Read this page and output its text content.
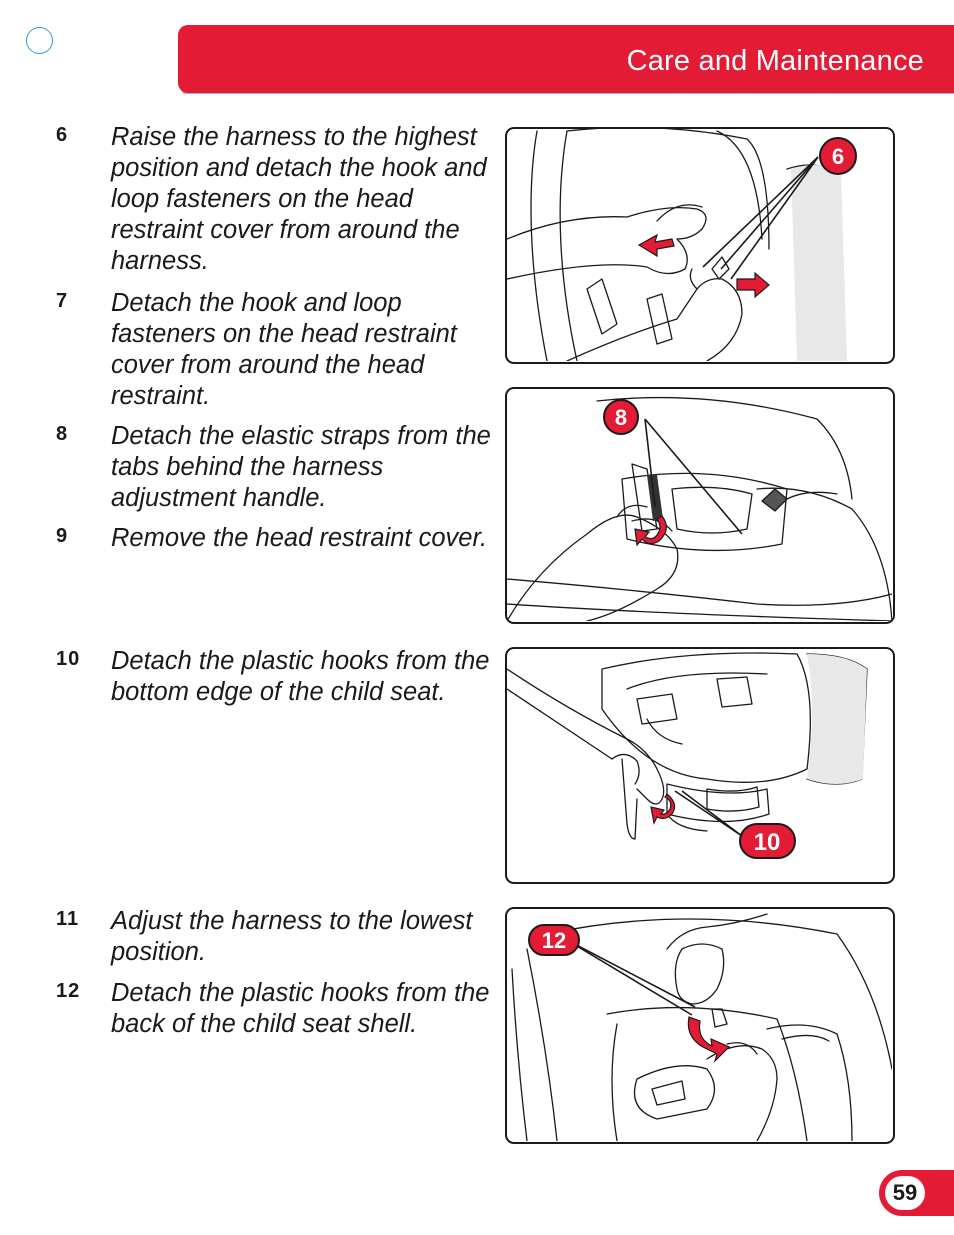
Care and Maintenance
6 Raise the harness to the highest position and detach the hook and loop fasteners on the head restraint cover from around the harness.
7 Detach the hook and loop fasteners on the head restraint cover from around the head restraint.
8 Detach the elastic straps from the tabs behind the harness adjustment handle.
9 Remove the head restraint cover.
10 Detach the plastic hooks from the bottom edge of the child seat.
11 Adjust the harness to the lowest position.
12 Detach the plastic hooks from the back of the child seat shell.
6
8
10
12
59
